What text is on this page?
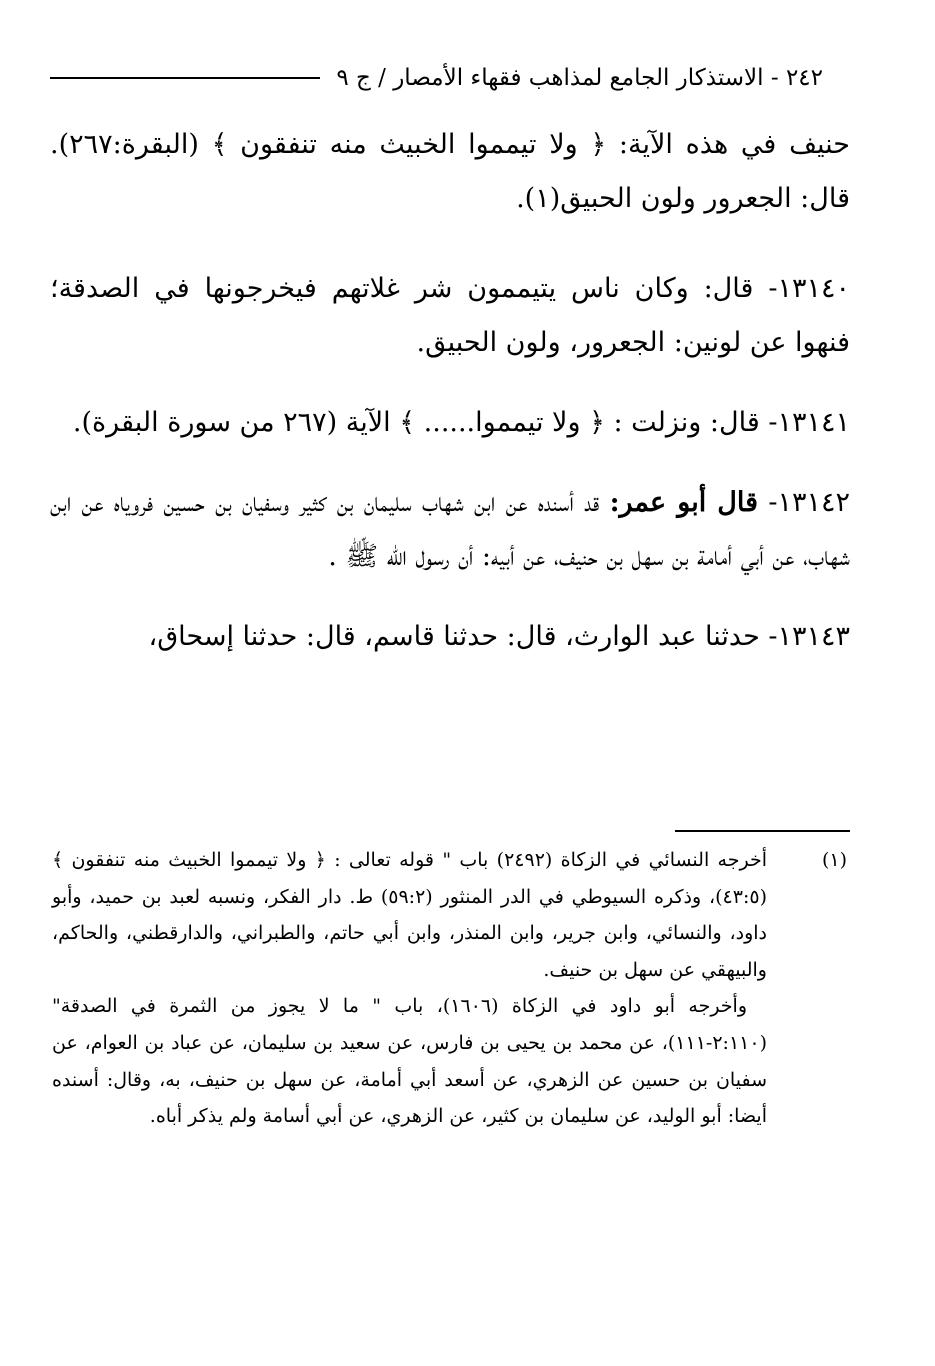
٢٤٢ - الاستذكار الجامع لمذاهب فقهاء الأمصار / ج ٩

حنيف في هذه الآية: ﴿ ولا تيمموا الخبيث منه تنفقون ﴾ (البقرة:٢٦٧). قال: الجعرور ولون الحبيق(١).

١٣١٤٠- قال: وكان ناس يتيممون شر غلاتهم فيخرجونها في الصدقة؛ فنهوا عن لونين: الجعرور، ولون الحبيق.

١٣١٤١- قال: ونزلت : ﴿ ولا تيمموا...... ﴾ الآية (٢٦٧ من سورة البقرة).

١٣١٤٢- قال أبو عمر: قد أسنده عن ابن شهاب سليمان بن كثير وسفيان بن حسين فروياه عن ابن شهاب، عن أبي أمامة بن سهل بن حنيف، عن أبيه: أن رسول الله ﷺ .

١٣١٤٣- حدثنا عبد الوارث، قال: حدثنا قاسم، قال: حدثنا إسحاق،

(١)

أخرجه النسائي في الزكاة (٢٤٩٢) باب " قوله تعالى : ﴿ ولا تيمموا الخبيث منه تنفقون ﴾ (٤٣:٥)، وذكره السيوطي في الدر المنثور (٥٩:٢) ط. دار الفكر، ونسبه لعبد بن حميد، وأبو داود، والنسائي، وابن جرير، وابن المنذر، وابن أبي حاتم، والطبراني، والدارقطني، والحاكم، والبيهقي عن سهل بن حنيف.

وأخرجه أبو داود في الزكاة (١٦٠٦)، باب " ما لا يجوز من الثمرة في الصدقة" (٢:١١٠-١١١)، عن محمد بن يحيى بن فارس، عن سعيد بن سليمان، عن عباد بن العوام، عن سفيان بن حسين عن الزهري، عن أسعد أبي أمامة، عن سهل بن حنيف، به، وقال: أسنده أيضا: أبو الوليد، عن سليمان بن كثير، عن الزهري، عن أبي أسامة ولم يذكر أباه.
